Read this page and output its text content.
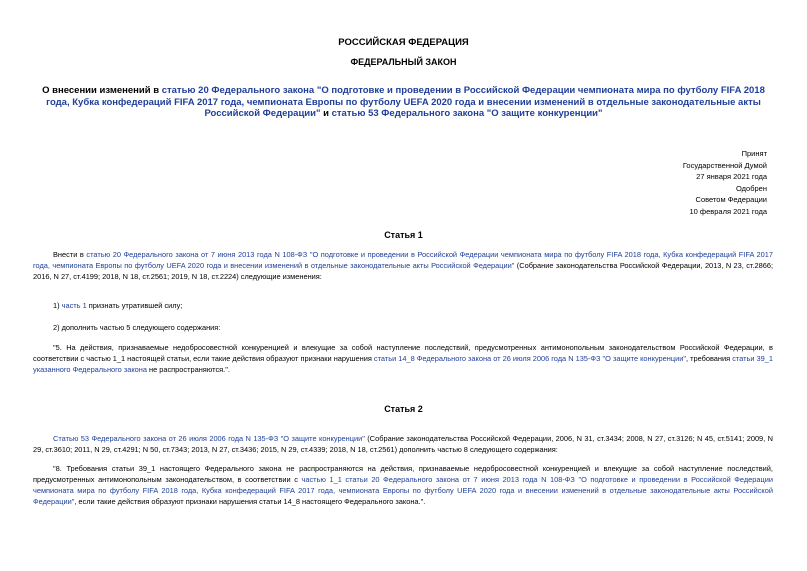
РОССИЙСКАЯ ФЕДЕРАЦИЯ
ФЕДЕРАЛЬНЫЙ ЗАКОН
О внесении изменений в статью 20 Федерального закона "О подготовке и проведении в Российской Федерации чемпионата мира по футболу FIFA 2018 года, Кубка конфедераций FIFA 2017 года, чемпионата Европы по футболу UEFA 2020 года и внесении изменений в отдельные законодательные акты Российской Федерации" и статью 53 Федерального закона "О защите конкуренции"
Принят
Государственной Думой
27 января 2021 года
Одобрен
Советом Федерации
10 февраля 2021 года
Статья 1
Внести в статью 20 Федерального закона от 7 июня 2013 года N 108-ФЗ "О подготовке и проведении в Российской Федерации чемпионата мира по футболу FIFA 2018 года, Кубка конфедераций FIFA 2017 года, чемпионата Европы по футболу UEFA 2020 года и внесении изменений в отдельные законодательные акты Российской Федерации" (Собрание законодательства Российской Федерации, 2013, N 23, ст.2866; 2016, N 27, ст.4199; 2018, N 18, ст.2561; 2019, N 18, ст.2224) следующие изменения:
1) часть 1 признать утратившей силу;
2) дополнить частью 5 следующего содержания:
"5. На действия, признаваемые недобросовестной конкуренцией и влекущие за собой наступление последствий, предусмотренных антимонопольным законодательством Российской Федерации, в соответствии с частью 1_1 настоящей статьи, если такие действия образуют признаки нарушения статьи 14_8 Федерального закона от 26 июля 2006 года N 135-ФЗ "О защите конкуренции", требования статьи 39_1 указанного Федерального закона не распространяются.".
Статья 2
Статью 53 Федерального закона от 26 июля 2006 года N 135-ФЗ "О защите конкуренции" (Собрание законодательства Российской Федерации, 2006, N 31, ст.3434; 2008, N 27, ст.3126; N 45, ст.5141; 2009, N 29, ст.3610; 2011, N 29, ст.4291; N 50, ст.7343; 2013, N 27, ст.3436; 2015, N 29, ст.4339; 2018, N 18, ст.2561) дополнить частью 8 следующего содержания:
"8. Требования статьи 39_1 настоящего Федерального закона не распространяются на действия, признаваемые недобросовестной конкуренцией и влекущие за собой наступление последствий, предусмотренных антимонопольным законодательством, в соответствии с частью 1_1 статьи 20 Федерального закона от 7 июня 2013 года N 108-ФЗ "О подготовке и проведении в Российской Федерации чемпионата мира по футболу FIFA 2018 года, Кубка конфедераций FIFA 2017 года, чемпионата Европы по футболу UEFA 2020 года и внесении изменений в отдельные законодательные акты Российской Федерации", если такие действия образуют признаки нарушения статьи 14_8 настоящего Федерального закона.".
